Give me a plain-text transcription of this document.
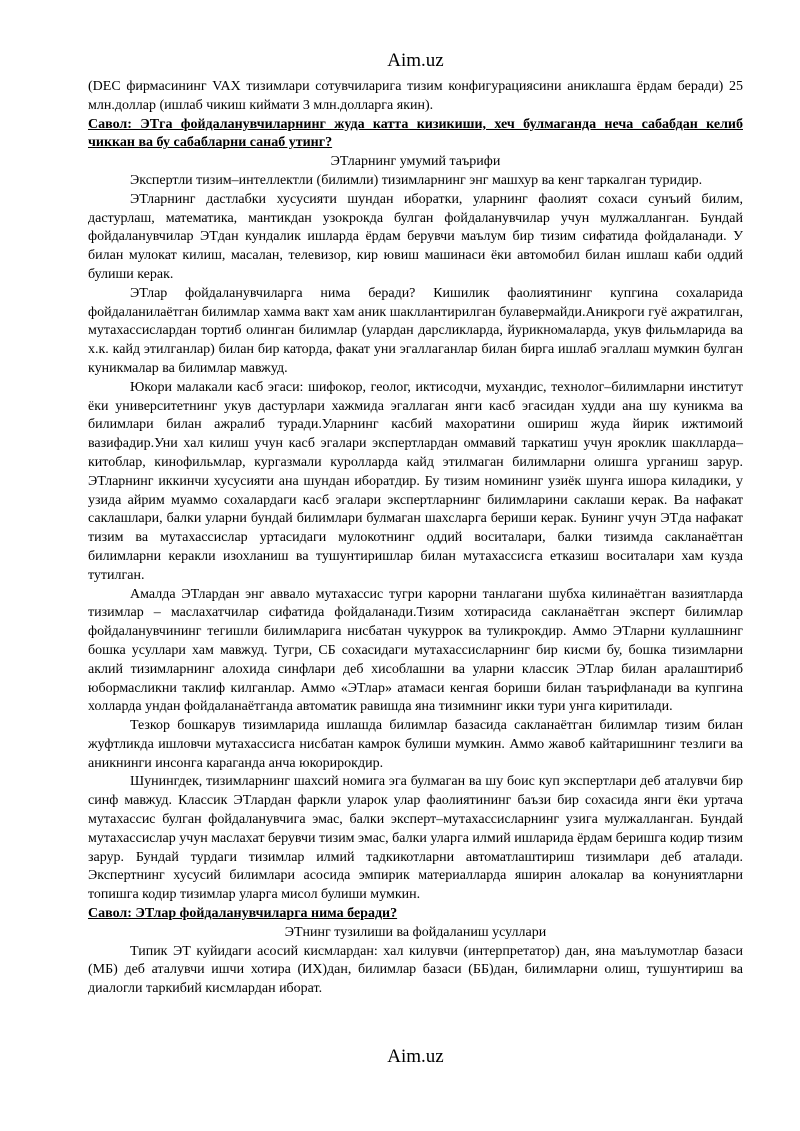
Aim.uz

(DEC фирмасининг VAX тизимлари сотувчиларига тизим конфигурациясини аниклашга ёрдам беради) 25 млн.доллар (ишлаб чикиш киймати 3 млн.долларга якин).

Савол: ЭТга фойдаланувчиларнинг жуда катта кизикиши, хеч булмаганда неча сабабдан келиб чиккан ва бу сабабларни санаб утинг?
ЭТларнинг умумий таърифи

Экспертли тизим–интеллектли (билимли) тизимларнинг энг машхур ва кенг таркалган туридир.

ЭТларнинг дастлабки хусусияти шундан иборатки, уларнинг фаолият сохаси сунъий билим, дастурлаш, математика, мантикдан узокрокда булган фойдаланувчилар учун мулжалланган. Бундай фойдаланувчилар ЭТдан кундалик ишларда ёрдам берувчи маълум бир тизим сифатида фойдаланади. У билан мулокат килиш, масалан, телевизор, кир ювиш машинаси ёки автомобил билан ишлаш каби оддий булиши керак.

ЭТлар фойдаланувчиларга нима беради? Кишилик фаолиятининг купгина сохаларида фойдаланилаётган билимлар хамма вакт хам аник шакллантирилган булавермайди.Аникроги гуё ажратилган, мутахассислардан тортиб олинган билимлар (улардан дарсликларда, йурикномаларда, укув фильмларида ва х.к. кайд этилганлар) билан бир каторда, факат уни эгаллаганлар билан бирга ишлаб эгаллаш мумкин булган куникмалар ва билимлар мавжуд.

Юкори малакали касб эгаси: шифокор, геолог, иктисодчи, мухандис, технолог–билимларни институт ёки университетнинг укув дастурлари хажмида эгаллаган янги касб эгасидан худди ана шу куникма ва билимлари билан ажралиб туради.Уларнинг касбий махоратини ошириш жуда йирик ижтимоий вазифадир.Уни хал килиш учун касб эгалари экспертлардан оммавий таркатиш учун яроклик шаклларда–китоблар, кинофильмлар, кургазмали куролларда кайд этилмаган билимларни олишга урганиш зарур. ЭТларнинг иккинчи хусусияти ана шундан иборатдир. Бу тизим номининг узиёк шунга ишора киладики, у узида айрим муаммо сохалардаги касб эгалари экспертларнинг билимларини саклаши керак. Ва нафакат саклашлари, балки уларни бундай билимлари булмаган шахсларга бериши керак. Бунинг учун ЭТда нафакат тизим ва мутахассислар уртасидаги мулокотнинг оддий воситалари, балки тизимда сакланаётган билимларни керакли изохланиш ва тушунтиришлар билан мутахассисга етказиш воситалари хам кузда тутилган.

Амалда ЭТлардан энг аввало мутахассис тугри карорни танлагани шубха килинаётган вазиятларда тизимлар – маслахатчилар сифатида фойдаланади.Тизим хотирасида сакланаётган эксперт билимлар фойдаланувчининг тегишли билимларига нисбатан чукуррок ва туликрокдир. Аммо ЭТларни куллашнинг бошка усуллари хам мавжуд. Тугри, СБ сохасидаги мутахассисларнинг бир кисми бу, бошка тизимларни аклий тизимларнинг алохида синфлари деб хисоблашни ва уларни классик ЭТлар билан аралаштириб юбормасликни таклиф килганлар. Аммо «ЭТлар» атамаси кенгая бориши билан таърифланади ва купгина холларда ундан фойдаланаётганда автоматик равишда яна тизимнинг икки тури унга киритилади.

Тезкор бошкарув тизимларида ишлашда билимлар базасида сакланаётган билимлар тизим билан жуфтликда ишловчи мутахассисга нисбатан камрок булиши мумкин. Аммо жавоб кайтаришнинг тезлиги ва аникнинги инсонга караганда анча юкорирокдир.

Шунингдек, тизимларнинг шахсий номига эга булмаган ва шу боис куп экспертлари деб аталувчи бир синф мавжуд. Классик ЭТлардан фаркли уларок улар фаолиятининг баъзи бир сохасида янги ёки уртача мутахассис булган фойдаланувчига эмас, балки эксперт–мутахассисларнинг узига мулжалланган. Бундай мутахассислар учун маслахат берувчи тизим эмас, балки уларга илмий ишларида ёрдам беришга кодир тизим зарур. Бундай турдаги тизимлар илмий тадкикотларни автоматлаштириш тизимлари деб аталади. Экспертнинг хусусий билимлари асосида эмпирик материалларда яширин алокалар ва конуниятларни топишга кодир тизимлар уларга мисол булиши мумкин.

Савол: ЭТлар фойдаланувчиларга нима беради?
ЭТнинг тузилиши ва фойдаланиш усуллари

Типик ЭТ куйидаги асосий кисмлардан: хал килувчи (интерпретатор) дан, яна маълумотлар базаси (МБ) деб аталувчи ишчи хотира (ИХ)дан, билимлар базаси (ББ)дан, билимларни олиш, тушунтириш ва диалогли таркибий кисмлардан иборат.

Aim.uz
